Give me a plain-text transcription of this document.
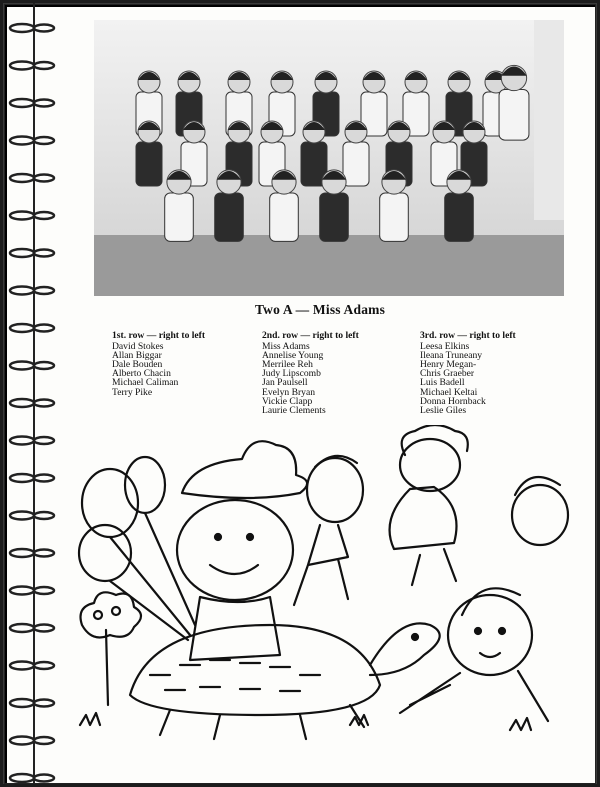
Two A — Miss Adams
1st. row — right to left
David Stokes
Allan Biggar
Dale Bouden
Alberto Chacin
Michael Caliman
Terry Pike
2nd. row — right to left
Miss Adams
Annelise Young
Merrilee Reh
Judy Lipscomb
Jan Paulsell
Evelyn Bryan
Vickie Clapp
Laurie Clements
3rd. row — right to left
Leesa Elkins
Ileana Truneany
Henry Megan-
Chris Graeber
Luis Badell
Michael Keltai
Donna Hornback
Leslie Giles
